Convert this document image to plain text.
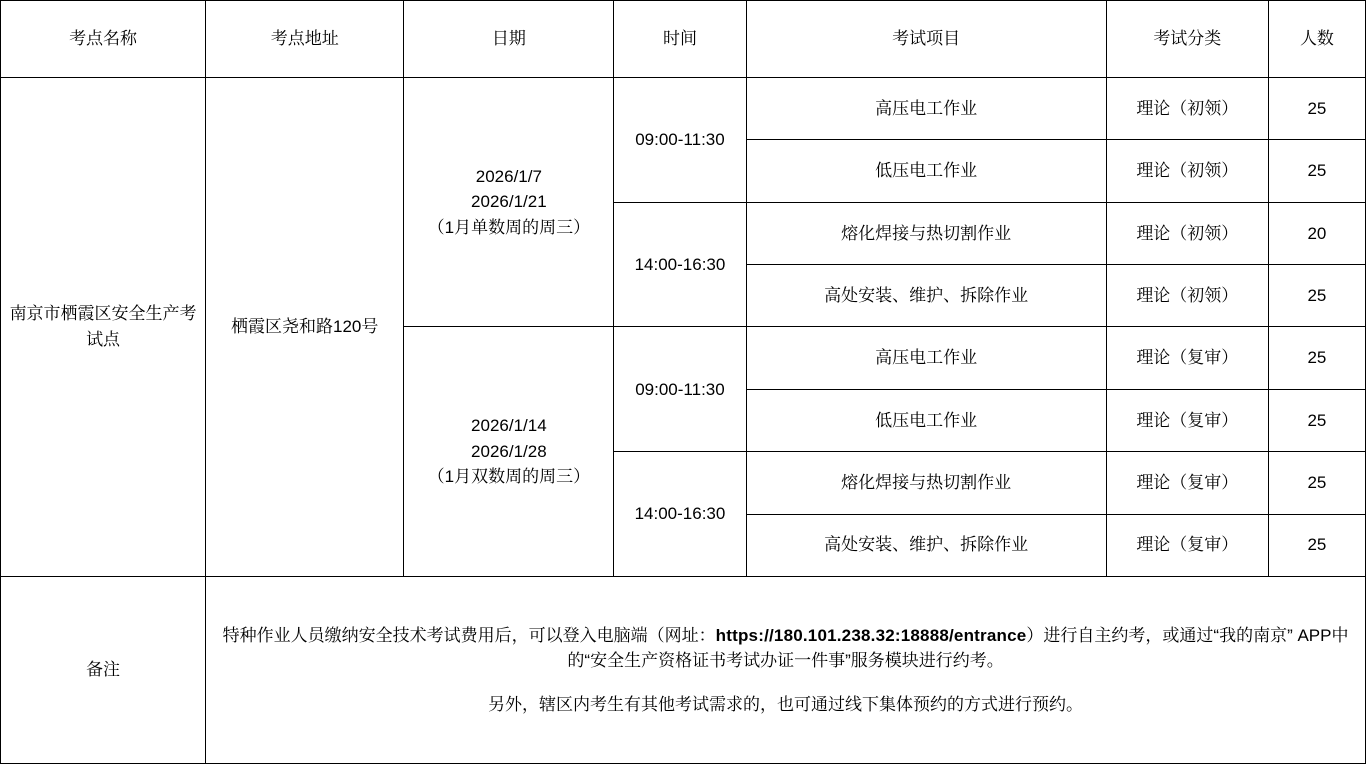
考点名称	考点地址	日期	时间	考试项目	考试分类	人数
南京市栖霞区安全生产考试点	栖霞区尧和路120号	2026/1/7
2026/1/21
（1月单数周的周三）	09:00-11:30	高压电工作业	理论（初领）	25
				低压电工作业	理论（初领）	25
			14:00-16:30	熔化焊接与热切割作业	理论（初领）	20
				高处安装、维护、拆除作业	理论（初领）	25

		2026/1/14
2026/1/28
（1月双数周的周三）	09:00-11:30	高压电工作业	理论（复审）	25
				低压电工作业	理论（复审）	25
			14:00-16:30	熔化焊接与热切割作业	理论（复审）	25
				高处安装、维护、拆除作业	理论（复审）	25
备注	特种作业人员缴纳安全技术考试费用后，可以登入电脑端（网址：https://180.101.238.32:18888/entrance）进行自主约考，或通过“我的南京” APP中的“安全生产资格证书考试办证一件事”服务模块进行约考。

另外，辖区内考生有其他考试需求的，也可通过线下集体预约的方式进行预约。					
